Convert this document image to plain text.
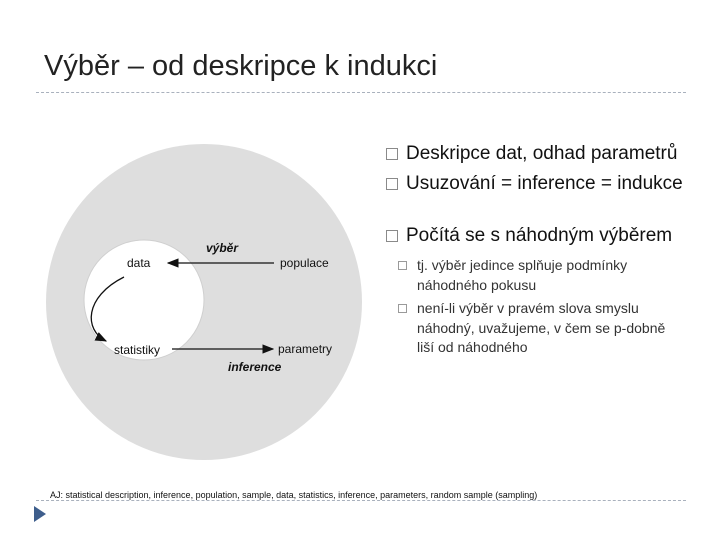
Výběr – od deskripce k indukci
data
výběr
populace
statistiky	parametry
inference
Deskripce dat, odhad parametrů
Usuzování = inference = indukce
Počítá se s náhodným výběrem
tj. výběr jedince splňuje podmínky náhodného pokusu
není-li výběr v pravém slova smyslu náhodný, uvažujeme, v čem se p-dobně liší od náhodného
AJ: statistical description, inference, population, sample, data, statistics, inference, parameters, random sample (sampling)
